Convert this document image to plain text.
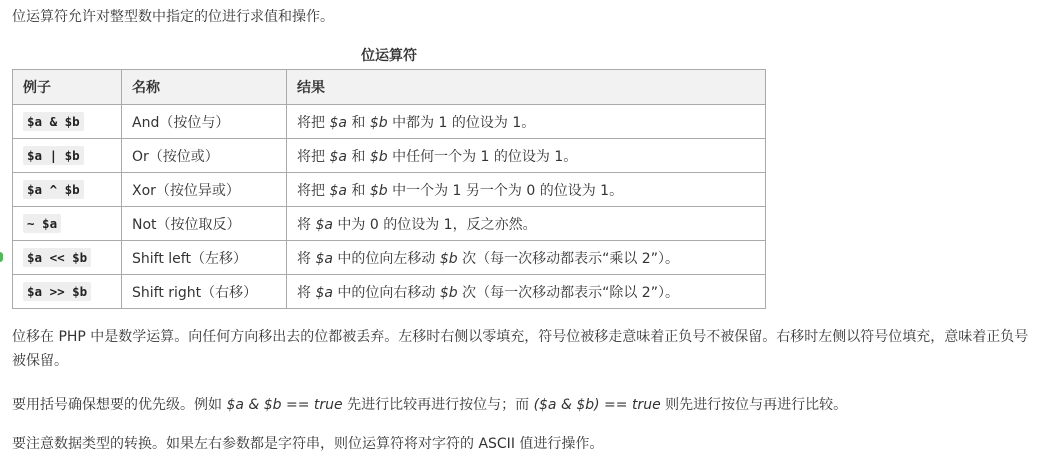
位运算符允许对整型数中指定的位进行求值和操作。

位运算符
例子	名称	结果
$a & $b	And（按位与）	将把 $a 和 $b 中都为 1 的位设为 1。
$a | $b	Or（按位或）	将把 $a 和 $b 中任何一个为 1 的位设为 1。
$a ^ $b	Xor（按位异或）	将把 $a 和 $b 中一个为 1 另一个为 0 的位设为 1。
~ $a	Not（按位取反）	将 $a 中为 0 的位设为 1，反之亦然。
$a << $b	Shift left（左移）	将 $a 中的位向左移动 $b 次（每一次移动都表示“乘以 2”）。
$a >> $b	Shift right（右移）	将 $a 中的位向右移动 $b 次（每一次移动都表示“除以 2”）。

位移在 PHP 中是数学运算。向任何方向移出去的位都被丢弃。左移时右侧以零填充，符号位被移走意味着正负号不被保留。右移时左侧以符号位填充，意味着正负号被保留。

要用括号确保想要的优先级。例如 $a & $b == true 先进行比较再进行按位与；而 ($a & $b) == true 则先进行按位与再进行比较。

要注意数据类型的转换。如果左右参数都是字符串，则位运算符将对字符的 ASCII 值进行操作。
